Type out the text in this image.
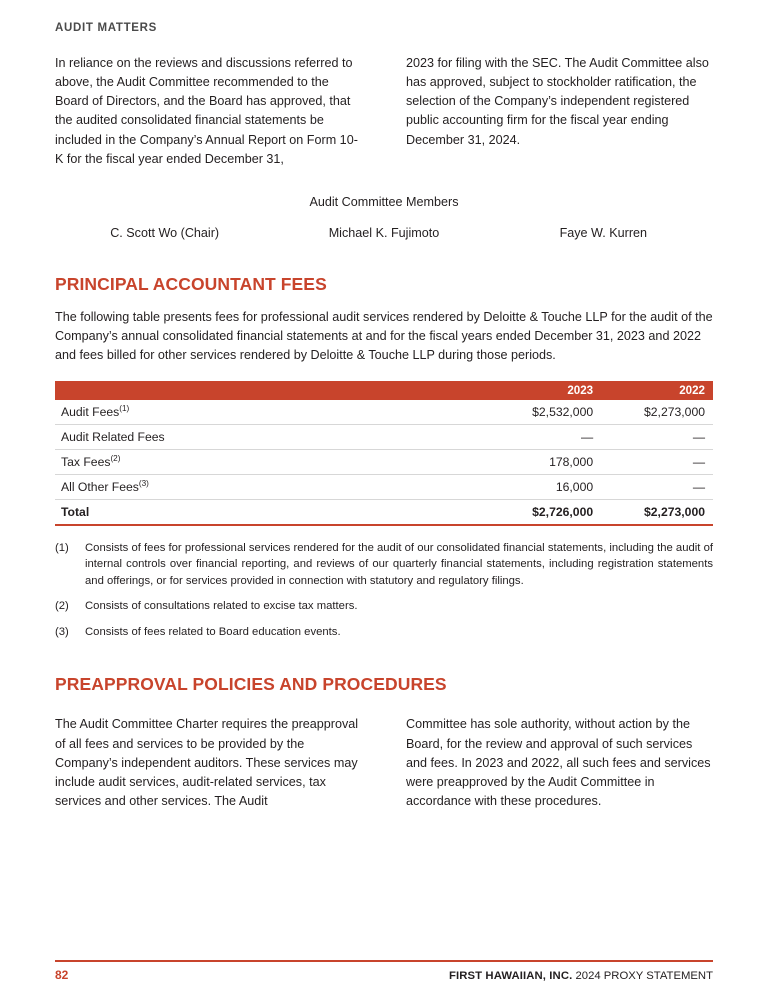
AUDIT MATTERS
In reliance on the reviews and discussions referred to above, the Audit Committee recommended to the Board of Directors, and the Board has approved, that the audited consolidated financial statements be included in the Company’s Annual Report on Form 10-K for the fiscal year ended December 31,
2023 for filing with the SEC. The Audit Committee also has approved, subject to stockholder ratification, the selection of the Company’s independent registered public accounting firm for the fiscal year ending December 31, 2024.
Audit Committee Members
C. Scott Wo (Chair)	Michael K. Fujimoto	Faye W. Kurren
PRINCIPAL ACCOUNTANT FEES
The following table presents fees for professional audit services rendered by Deloitte & Touche LLP for the audit of the Company’s annual consolidated financial statements at and for the fiscal years ended December 31, 2023 and 2022 and fees billed for other services rendered by Deloitte & Touche LLP during those periods.
	2023	2022
Audit Fees$^{(1)}$	$2,532,000	$2,273,000
Audit Related Fees	—	—
Tax Fees$^{(2)}$	178,000	—
All Other Fees$^{(3)}$	16,000	—
Total	$2,726,000	$2,273,000
(1)	Consists of fees for professional services rendered for the audit of our consolidated financial statements, including the audit of internal controls over financial reporting, and reviews of our quarterly financial statements, including registration statements and offerings, or for services provided in connection with statutory and regulatory filings.
(2)	Consists of consultations related to excise tax matters.
(3)	Consists of fees related to Board education events.
PREAPPROVAL POLICIES AND PROCEDURES
The Audit Committee Charter requires the preapproval of all fees and services to be provided by the Company’s independent auditors. These services may include audit services, audit-related services, tax services and other services. The Audit
Committee has sole authority, without action by the Board, for the review and approval of such services and fees. In 2023 and 2022, all such fees and services were preapproved by the Audit Committee in accordance with these procedures.
82	FIRST HAWAIIAN, INC. 2024 PROXY STATEMENT
